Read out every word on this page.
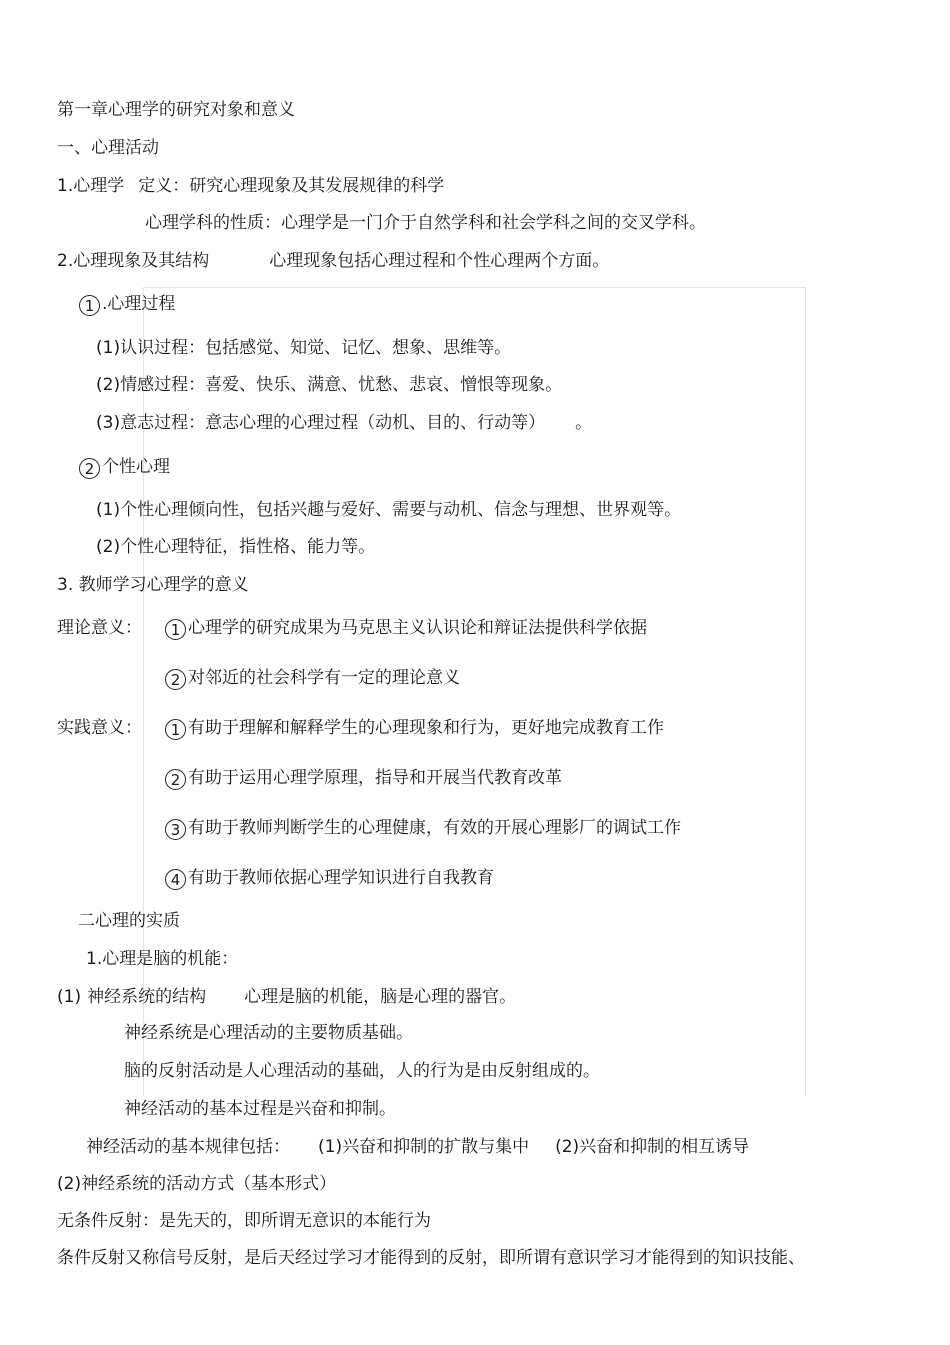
第一章心理学的研究对象和意义
一、心理活动
1.心理学 定义：研究心理现象及其发展规律的科学
心理学科的性质：心理学是一门介于自然学科和社会学科之间的交叉学科。
2.心理现象及其结构	心理现象包括心理过程和个性心理两个方面。
1 .心理过程
(1)认识过程：包括感觉、知觉、记忆、想象、思维等。
(2)情感过程：喜爱、快乐、满意、忧愁、悲哀、憎恨等现象。
(3)意志过程：意志心理的心理过程（动机、目的、行动等） 。
2 个性心理
(1)个性心理倾向性，包括兴趣与爱好、需要与动机、信念与理想、世界观等。
(2)个性心理特征，指性格、能力等。
3. 教师学习心理学的意义
理论意义：	1 心理学的研究成果为马克思主义认识论和辩证法提供科学依据
2 对邻近的社会科学有一定的理论意义
实践意义：	1 有助于理解和解释学生的心理现象和行为，更好地完成教育工作
2 有助于运用心理学原理，指导和开展当代教育改革
3 有助于教师判断学生的心理健康，有效的开展心理影厂的调试工作
4 有助于教师依据心理学知识进行自我教育
二心理的实质
1.心理是脑的机能：
(1) 神经系统的结构 心理是脑的机能，脑是心理的器官。
神经系统是心理活动的主要物质基础。
脑的反射活动是人心理活动的基础，人的行为是由反射组成的。
神经活动的基本过程是兴奋和抑制。
神经活动的基本规律包括： (1)兴奋和抑制的扩散与集中 (2)兴奋和抑制的相互诱导
(2)神经系统的活动方式（基本形式）
无条件反射：是先天的，即所谓无意识的本能行为
条件反射又称信号反射，是后天经过学习才能得到的反射，即所谓有意识学习才能得到的知识技能、
